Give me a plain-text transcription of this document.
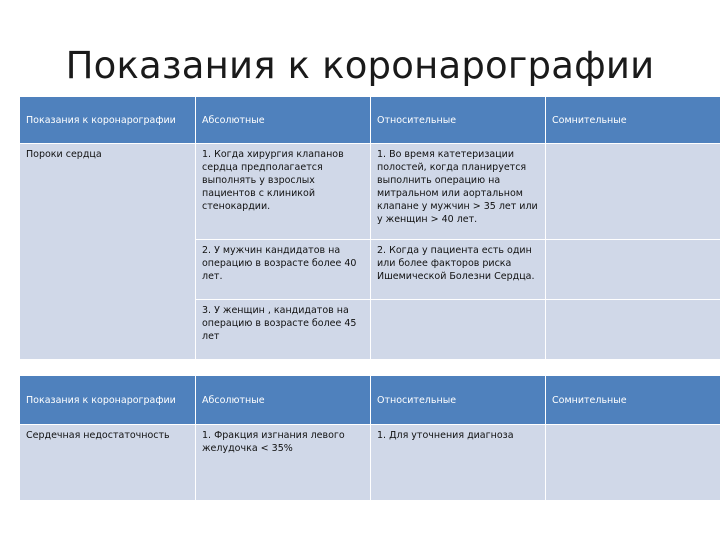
Показания к коронарографии
Показания к коронарографии	Абсолютные	Относительные	Сомнительные
Пороки сердца	1. Когда хирургия клапанов сердца предполагается выполнять у взрослых пациентов с клиникой стенокардии.	1. Во время катетеризации полостей, когда планируется выполнить операцию на митральном или аортальном клапане у мужчин > 35 лет или у женщин > 40 лет.	
	2. У мужчин кандидатов на операцию в возрасте более 40 лет.	2. Когда у пациента есть один или более факторов риска Ишемической Болезни Сердца.	
	3. У женщин , кандидатов на операцию в возрасте более 45 лет		
Показания к коронарографии	Абсолютные	Относительные	Сомнительные
Сердечная недостаточность	1. Фракция изгнания левого желудочка < 35%	1. Для уточнения диагноза	
